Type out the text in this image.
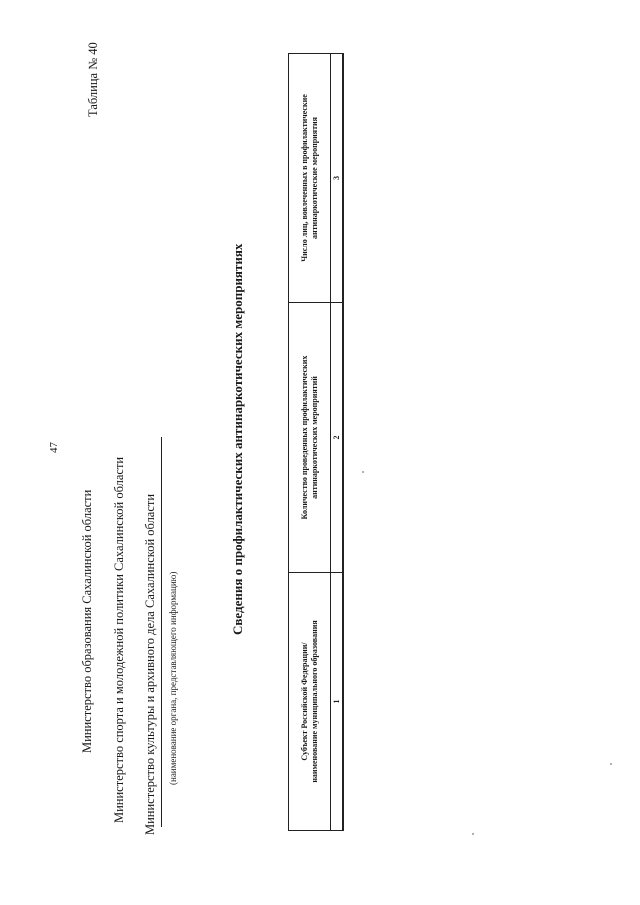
47
Таблица № 40
Министерство образования Сахалинской области Министерство спорта и молодежной политики Сахалинской области Министерство культуры и архивного дела Сахалинской области (наименование органа, представляющего информацию)
Сведения о профилактических антинаркотических мероприятиях
Субъект Российской Федерации/ наименование муниципального образования
Количество проведенных профилактических антинаркотических мероприятий
Число лиц, вовлеченных в профилактические антинаркотические мероприятия
1
2
3
